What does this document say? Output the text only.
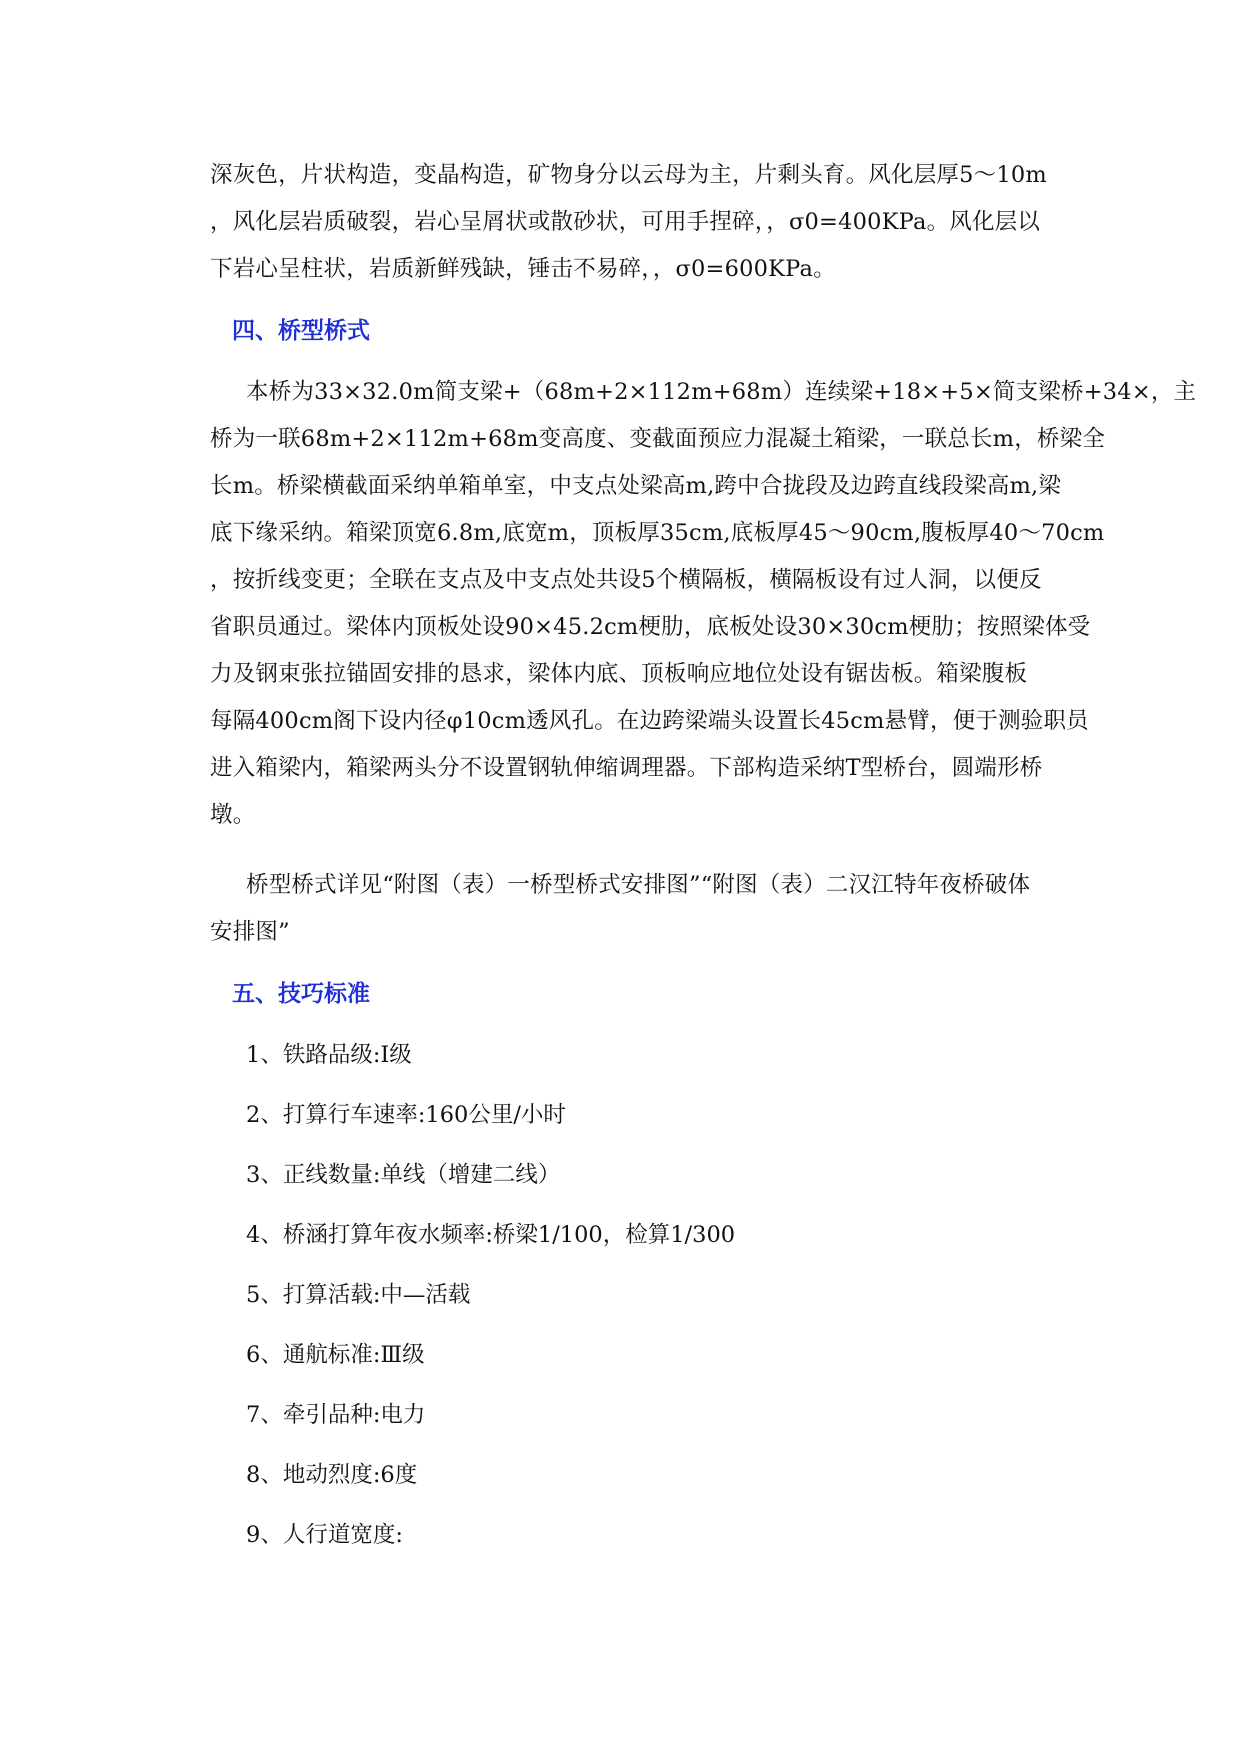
深灰色，片状构造，变晶构造，矿物身分以云母为主，片剩头育。风化层厚5～10m
，风化层岩质破裂，岩心呈屑状或散砂状，可用手捏碎，，σ0=400KPa。风化层以
下岩心呈柱状，岩质新鲜残缺，锤击不易碎，，σ0=600KPa。
四、桥型桥式
本桥为33×32.0m简支梁+（68m+2×112m+68m）连续梁+18×+5×简支梁桥+34×，主
桥为一联68m+2×112m+68m变高度、变截面预应力混凝土箱梁，一联总长m，桥梁全
长m。桥梁横截面采纳单箱单室，中支点处梁高m,跨中合拢段及边跨直线段梁高m,梁
底下缘采纳。箱梁顶宽6.8m,底宽m，顶板厚35cm,底板厚45～90cm,腹板厚40～70cm
，按折线变更；全联在支点及中支点处共设5个横隔板，横隔板设有过人洞，以便反
省职员通过。梁体内顶板处设90×45.2cm梗肋，底板处设30×30cm梗肋；按照梁体受
力及钢束张拉锚固安排的恳求，梁体内底、顶板响应地位处设有锯齿板。箱梁腹板
每隔400cm阁下设内径φ10cm透风孔。在边跨梁端头设置长45cm悬臂，便于测验职员
进入箱梁内，箱梁两头分不设置钢轨伸缩调理器。下部构造采纳T型桥台，圆端形桥
墩。
桥型桥式详见“附图（表）一桥型桥式安排图”“附图（表）二汉江特年夜桥破体
安排图”
五、技巧标准
1、铁路品级:Ⅰ级
2、打算行车速率:160公里/小时
3、正线数量:单线（增建二线）
4、桥涵打算年夜水频率:桥梁1/100，检算1/300
5、打算活载:中—活载
6、通航标准:Ⅲ级
7、牵引品种:电力
8、地动烈度:6度
9、人行道宽度:
